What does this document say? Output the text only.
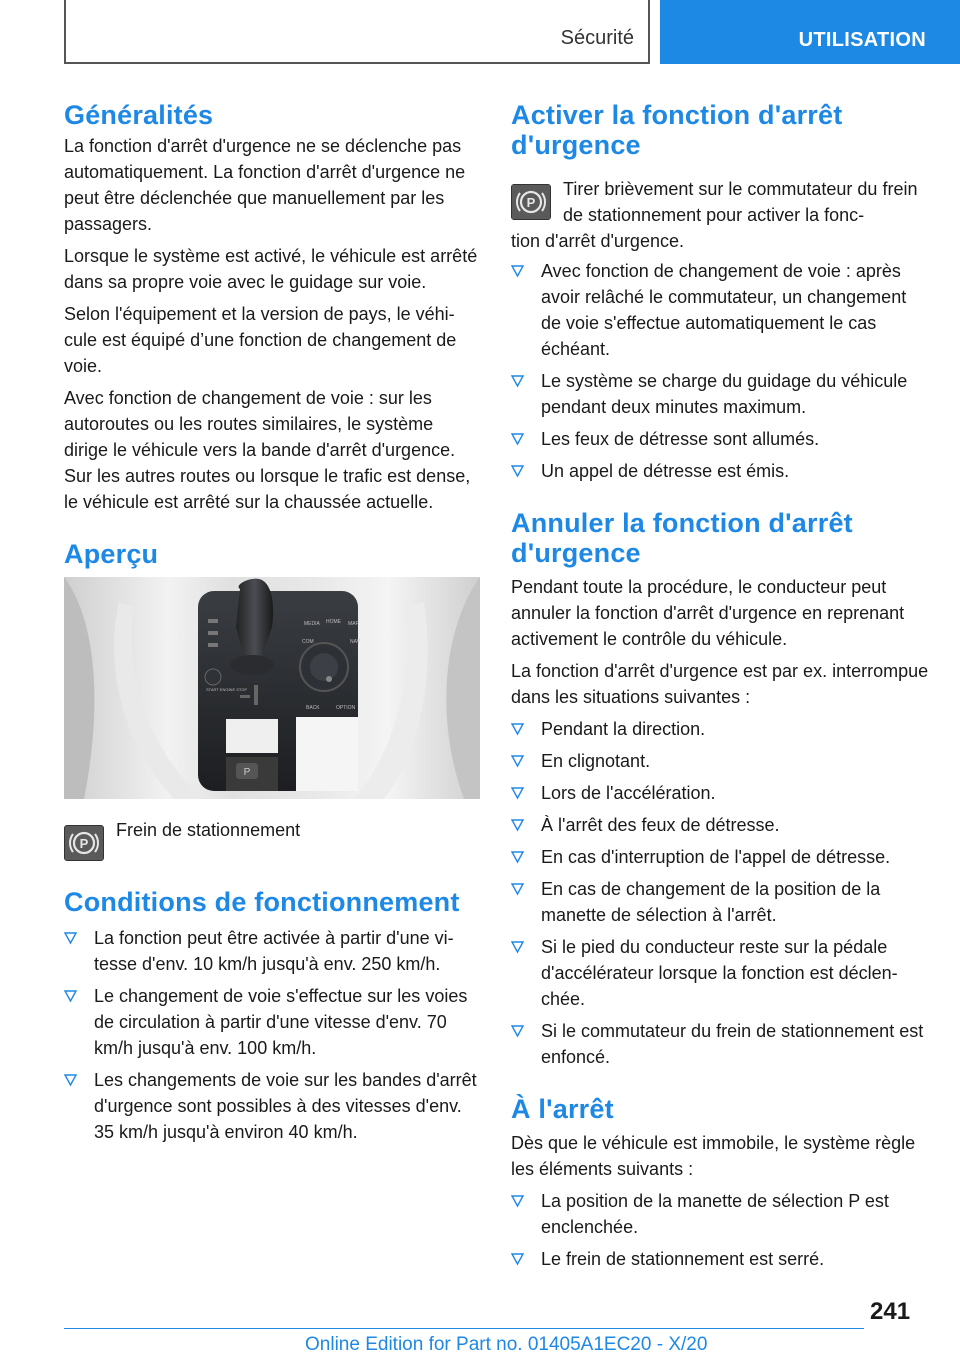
Sécurité	UTILISATION
Généralités

La fonction d'arrêt d'urgence ne se déclenche pas automatiquement. La fonction d'arrêt d'urgence ne peut être déclenchée que manuellement par les passagers.

Lorsque le système est activé, le véhicule est arrêté dans sa propre voie avec le guidage sur voie.

Selon l'équipement et la version de pays, le véhicule est équipé d’une fonction de changement de voie.

Avec fonction de changement de voie : sur les autoroutes ou les routes similaires, le système dirige le véhicule vers la bande d'arrêt d'urgence. Sur les autres routes ou lorsque le trafic est dense, le véhicule est arrêté sur la chaussée actuelle.

Aperçu
P
MEDIA HOME MAP
COM	NAV
BACK	OPTION
START ENGINE STOP
P
Frein de stationnement
Conditions de fonctionnement
La fonction peut être activée à partir d'une vitesse d'env. 10 km/h jusqu'à env. 250 km/h.
Le changement de voie s'effectue sur les voies de circulation à partir d'une vitesse d'env. 70 km/h jusqu'à env. 100 km/h.
Les changements de voie sur les bandes d'arrêt d'urgence sont possibles à des vitesses d'env. 35 km/h jusqu'à environ 40 km/h.
Activer la fonction d'arrêt d'urgence
P
Tirer brièvement sur le commutateur du frein de stationnement pour activer la fonc-
tion d'arrêt d'urgence.
Avec fonction de changement de voie : après avoir relâché le commutateur, un changement de voie s'effectue automatiquement le cas échéant.
Le système se charge du guidage du véhicule pendant deux minutes maximum.
Les feux de détresse sont allumés.
Un appel de détresse est émis.
Annuler la fonction d'arrêt d'urgence

Pendant toute la procédure, le conducteur peut annuler la fonction d'arrêt d'urgence en reprenant activement le contrôle du véhicule.

La fonction d'arrêt d'urgence est par ex. interrompue dans les situations suivantes :

Pendant la direction.
En clignotant.
Lors de l'accélération.
À l'arrêt des feux de détresse.
En cas d'interruption de l'appel de détresse.
En cas de changement de la position de la manette de sélection à l'arrêt.
Si le pied du conducteur reste sur la pédale d'accélérateur lorsque la fonction est déclenchée.
Si le commutateur du frein de stationnement est enfoncé.
À l'arrêt

Dès que le véhicule est immobile, le système règle les éléments suivants :

La position de la manette de sélection P est enclenchée.
Le frein de stationnement est serré.
241
Online Edition for Part no. 01405A1EC20 - X/20
